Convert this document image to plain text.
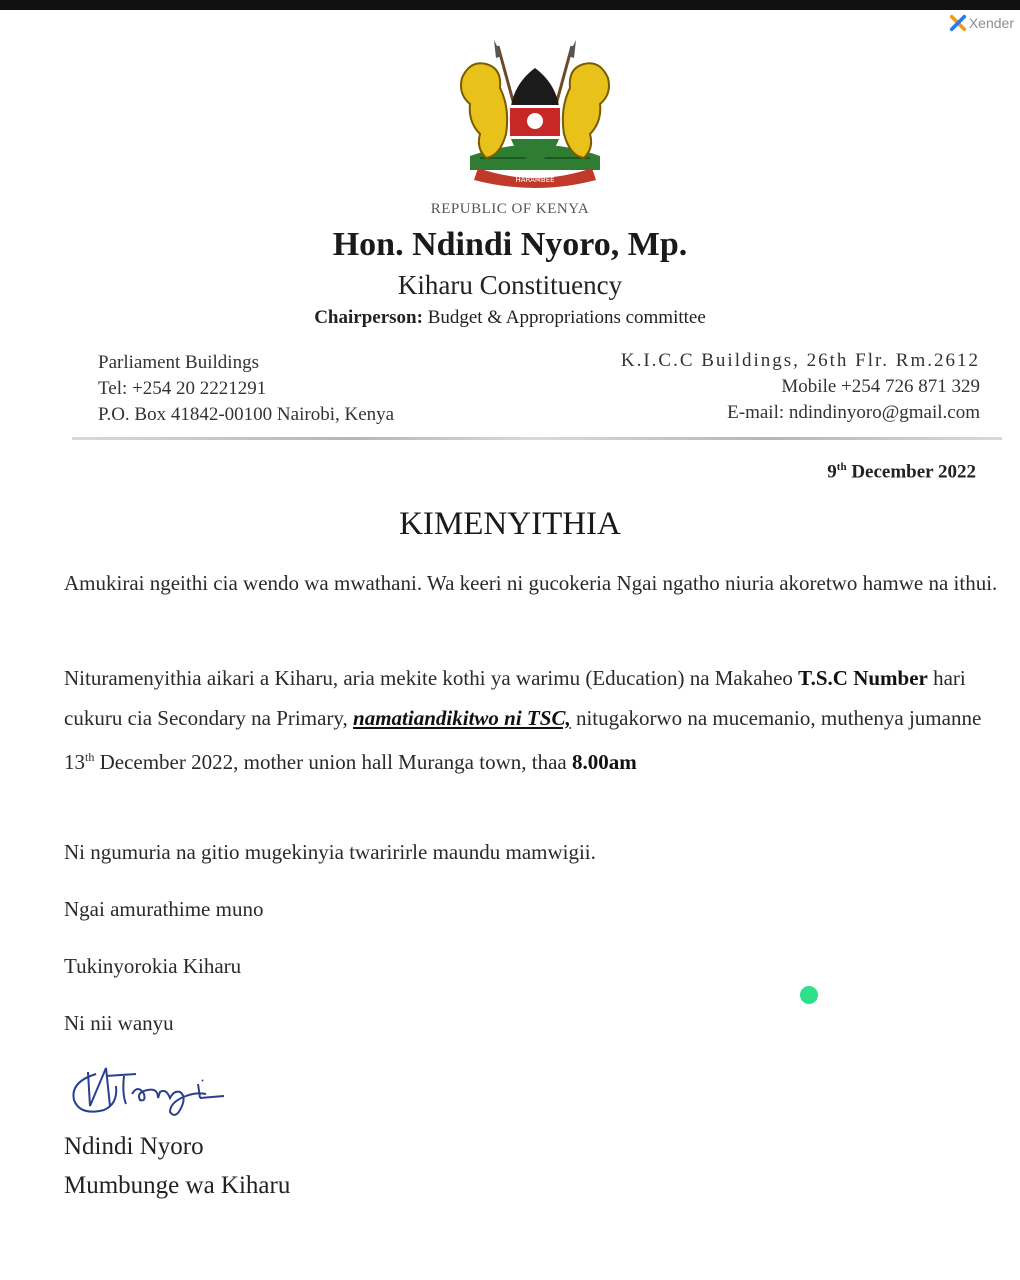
Xender
HARAMBEE
REPUBLIC OF KENYA
Hon. Ndindi Nyoro, Mp.
Kiharu Constituency
Chairperson: Budget & Appropriations committee
Parliament Buildings
Tel: +254 20 2221291
P.O. Box 41842-00100 Nairobi, Kenya
K.I.C.C Buildings, 26th Flr. Rm.2612
Mobile +254 726 871 329
E-mail: ndindinyoro@gmail.com
9th December 2022
KIMENYITHIA
Amukirai ngeithi cia wendo wa mwathani. Wa keeri ni gucokeria Ngai ngatho niuria akoretwo hamwe na ithui.
Nituramenyithia aikari a Kiharu, aria mekite kothi ya warimu (Education) na Makaheo T.S.C Number hari cukuru cia Secondary na Primary, namatiandikitwo ni TSC, nitugakorwo na mucemanio, muthenya jumanne 13th December 2022, mother union hall Muranga town, thaa 8.00am
Ni ngumuria na gitio mugekinyia twaririrle maundu mamwigii.
Ngai amurathime muno
Tukinyorokia Kiharu
Ni nii wanyu
Ndindi Nyoro
Mumbunge wa Kiharu
